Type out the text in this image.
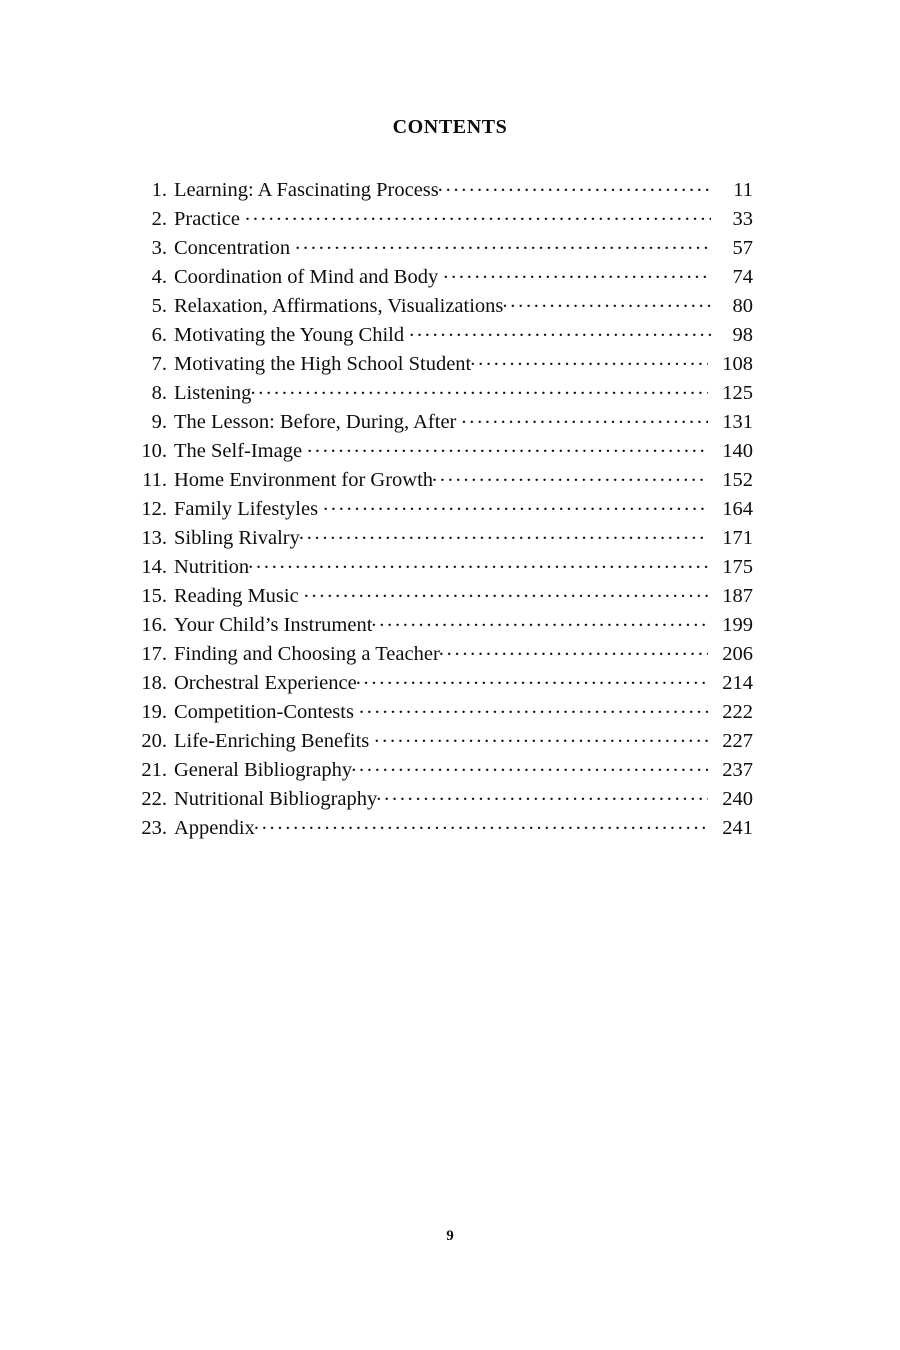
CONTENTS
1. Learning: A Fascinating Process . . .	11
2. Practice . . .	33
3. Concentration . . .	57
4. Coordination of Mind and Body . . .	74
5. Relaxation, Affirmations, Visualizations . . .	80
6. Motivating the Young Child . . .	98
7. Motivating the High School Student . . .	108
8. Listening . . .	125
9. The Lesson: Before, During, After . . .	131
10. The Self-Image . . .	140
11. Home Environment for Growth . . .	152
12. Family Lifestyles . . .	164
13. Sibling Rivalry . . .	171
14. Nutrition . . .	175
15. Reading Music . . .	187
16. Your Child’s Instrument . . .	199
17. Finding and Choosing a Teacher . . .	206
18. Orchestral Experience . . .	214
19. Competition-Contests . . .	222
20. Life-Enriching Benefits . . .	227
21. General Bibliography . . .	237
22. Nutritional Bibliography . . .	240
23. Appendix . . .	241
9
